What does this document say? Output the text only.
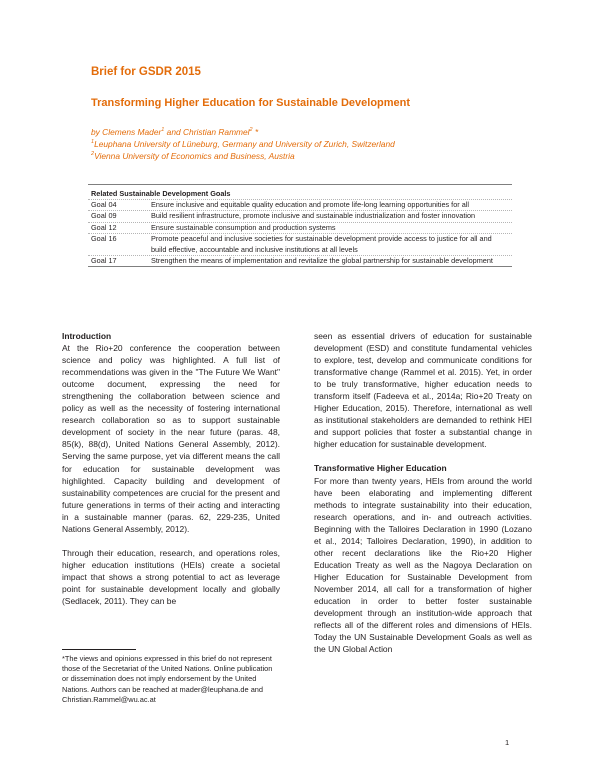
Brief for GSDR 2015
Transforming Higher Education for Sustainable Development
by Clemens Mader$^1$ and Christian Rammel$^2$ *
$^1$Leuphana University of Lüneburg, Germany and University of Zurich, Switzerland
$^2$Vienna University of Economics and Business, Austria
Related Sustainable Development Goals
Goal 04	Ensure inclusive and equitable quality education and promote life-long learning opportunities for all
Goal 09	Build resilient infrastructure, promote inclusive and sustainable industrialization and foster innovation
Goal 12	Ensure sustainable consumption and production systems
Goal 16	Promote peaceful and inclusive societies for sustainable development provide access to justice for all and build effective, accountable and inclusive institutions at all levels
Goal 17	Strengthen the means of implementation and revitalize the global partnership for sustainable development
Introduction

At the Rio+20 conference the cooperation between science and policy was highlighted. A full list of recommendations was given in the "The Future We Want" outcome document, expressing the need for strengthening the collaboration between science and policy as well as the necessity of fostering international research collaboration so as to support sustainable development of society in the near future (paras. 48, 85(k), 88(d), United Nations General Assembly, 2012). Serving the same purpose, yet via different means the call for education for sustainable development was highlighted. Capacity building and development of sustainability competences are crucial for the present and future generations in terms of their acting and interacting in a sustainable manner (paras. 62, 229-235, United Nations General Assembly, 2012).

Through their education, research, and operations roles, higher education institutions (HEIs) create a societal impact that shows a strong potential to act as leverage point for sustainable development locally and globally (Sedlacek, 2011). They can be

seen as essential drivers of education for sustainable development (ESD) and constitute fundamental vehicles to explore, test, develop and communicate conditions for transformative change (Rammel et al. 2015). Yet, in order to be truly transformative, higher education needs to transform itself (Fadeeva et al., 2014a; Rio+20 Treaty on Higher Education, 2015). Therefore, international as well as institutional stakeholders are demanded to rethink HEI and support policies that foster a substantial change in higher education for sustainable development.

Transformative Higher Education

For more than twenty years, HEIs from around the world have been elaborating and implementing different methods to integrate sustainability into their education, research operations, and in- and outreach activities. Beginning with the Talloires Declaration in 1990 (Lozano et al., 2014; Talloires Declaration, 1990), in addition to other recent declarations like the Rio+20 Higher Education Treaty as well as the Nagoya Declaration on Higher Education for Sustainable Development from November 2014, all call for a transformation of higher education in order to better foster sustainable development through an institution-wide approach that reflects all of the different roles and dimensions of HEIs. Today the UN Sustainable Development Goals as well as the UN Global Action

*The views and opinions expressed in this brief do not represent those of the Secretariat of the United Nations. Online publication or dissemination does not imply endorsement by the United Nations. Authors can be reached at mader@leuphana.de and Christian.Rammel@wu.ac.at
1
